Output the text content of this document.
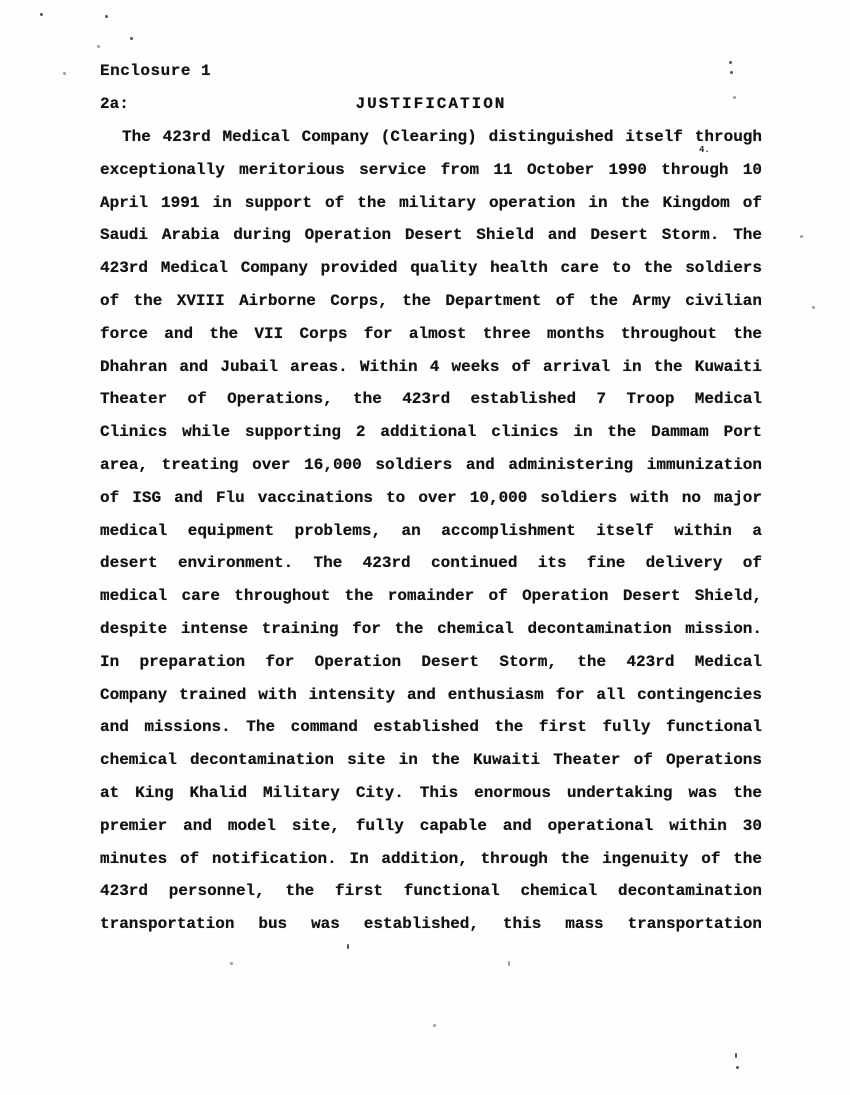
Enclosure 1
2a:	JUSTIFICATION
The 423rd Medical Company (Clearing) distinguished itself through
exceptionally meritorious service from 11 October 1990 through 10
April 1991 in support of the military operation in the Kingdom of
Saudi Arabia during Operation Desert Shield and Desert Storm. The
423rd Medical Company provided quality health care to the soldiers
of the XVIII Airborne Corps, the Department of the Army civilian
force and the VII Corps for almost three months throughout the
Dhahran and Jubail areas. Within 4 weeks of arrival in the Kuwaiti
Theater of Operations, the 423rd established 7 Troop Medical
Clinics while supporting 2 additional clinics in the Dammam Port
area, treating over 16,000 soldiers and administering immunization
of ISG and Flu vaccinations to over 10,000 soldiers with no major
medical equipment problems, an accomplishment itself within a
desert environment. The 423rd continued its fine delivery of
medical care throughout the romainder of Operation Desert Shield,
despite intense training for the chemical decontamination mission.
In preparation for Operation Desert Storm, the 423rd Medical
Company trained with intensity and enthusiasm for all contingencies
and missions. The command established the first fully functional
chemical decontamination site in the Kuwaiti Theater of Operations
at King Khalid Military City. This enormous undertaking was the
premier and model site, fully capable and operational within 30
minutes of notification. In addition, through the ingenuity of the
423rd personnel, the first functional chemical decontamination
transportation bus was established, this mass transportation
4.
